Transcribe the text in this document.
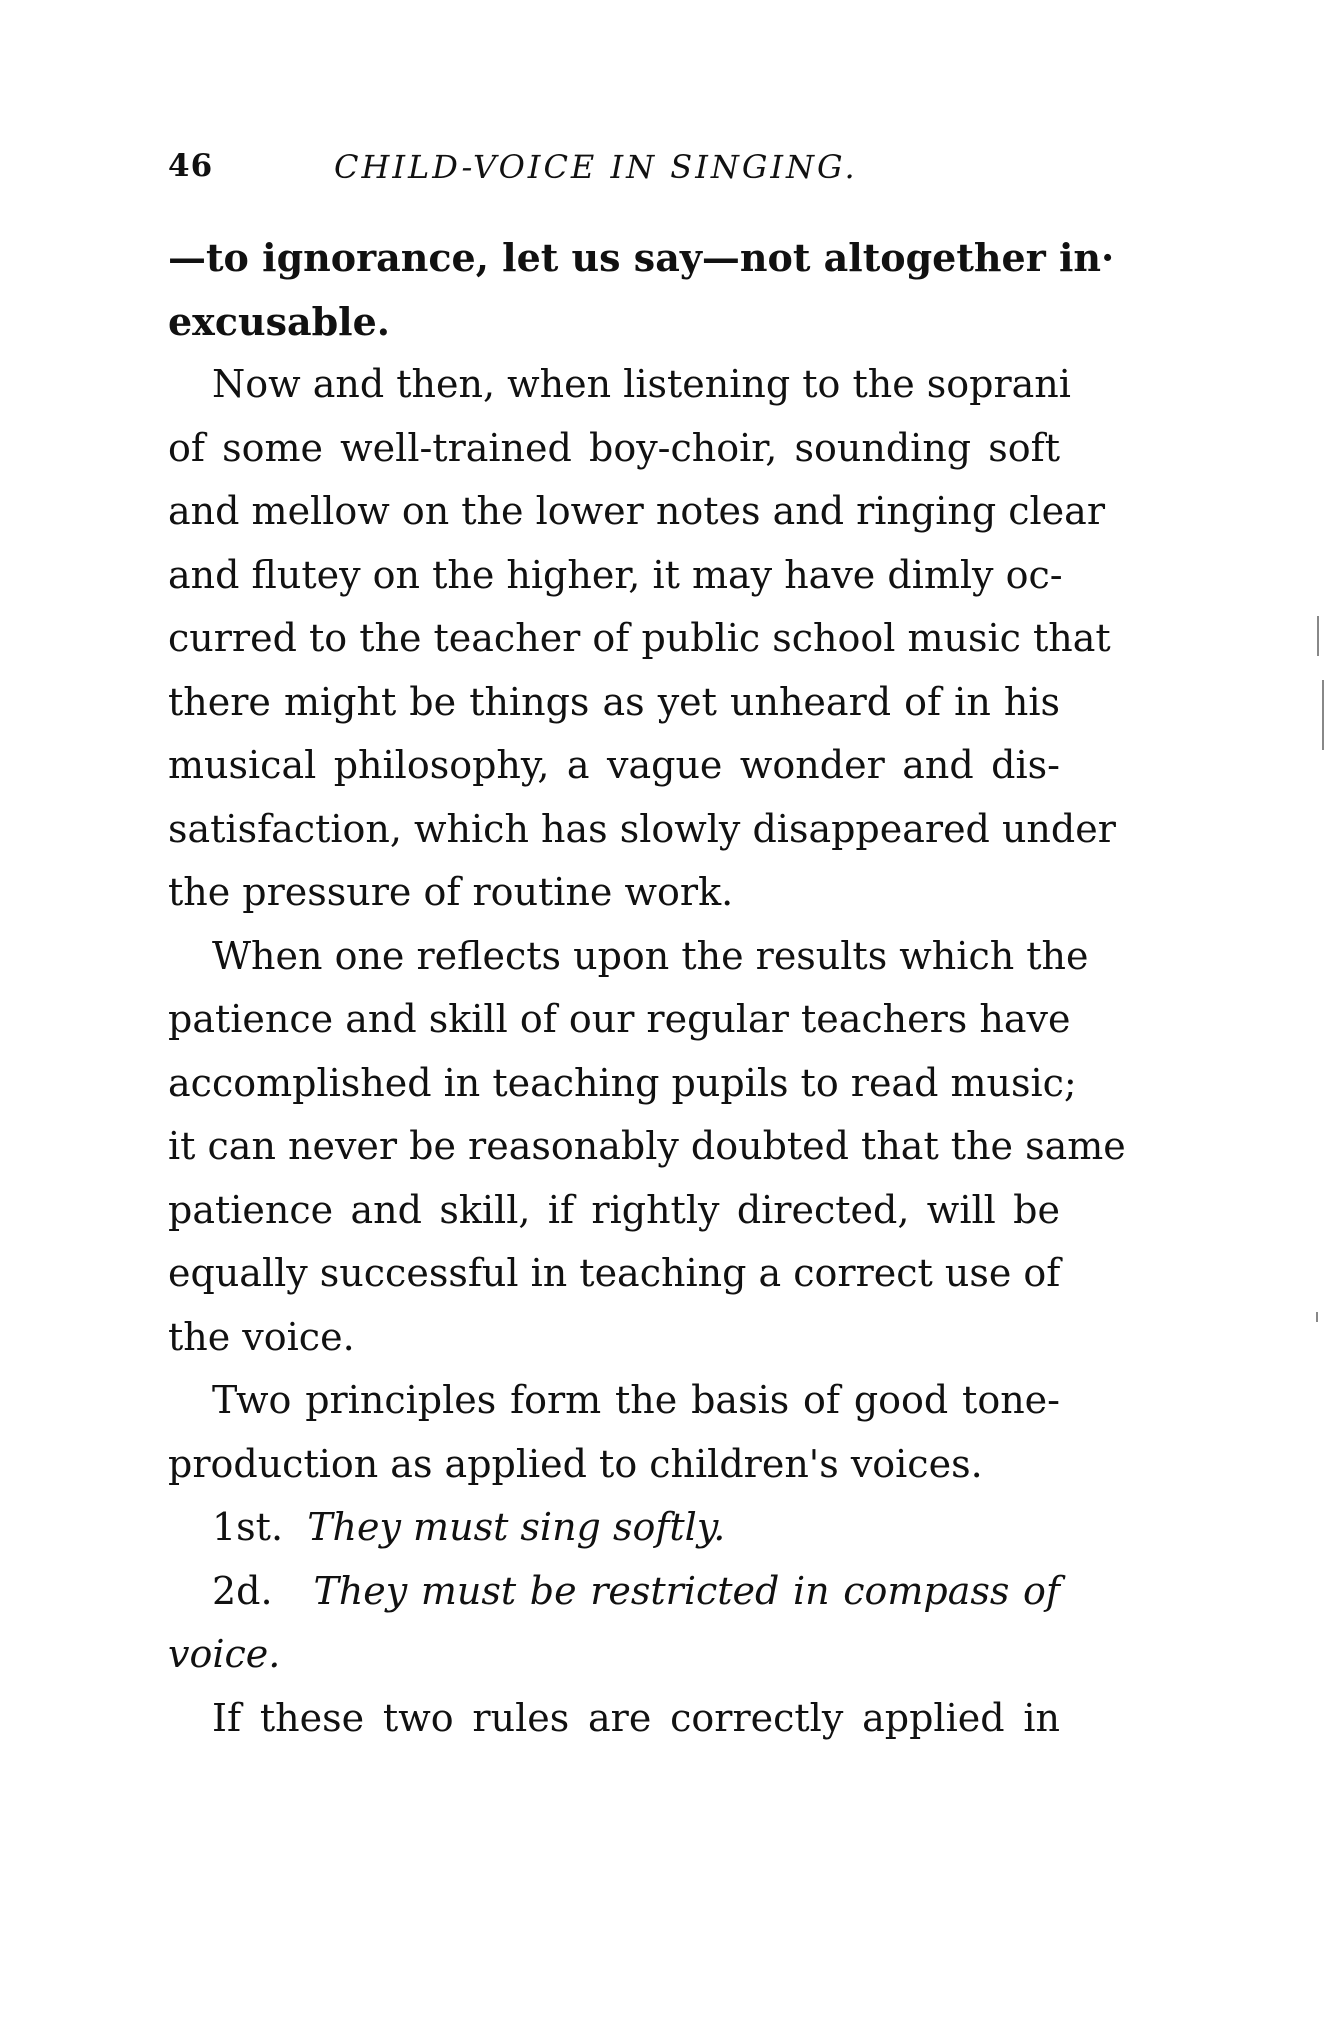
46	CHILD-VOICE IN SINGING.
—to ignorance, let us say—not altogether in·
excusable.
Now and then, when listening to the soprani
of some well-trained boy-choir, sounding soft
and mellow on the lower notes and ringing clear
and flutey on the higher, it may have dimly oc-
curred to the teacher of public school music that
there might be things as yet unheard of in his
musical philosophy, a vague wonder and dis-
satisfaction, which has slowly disappeared under
the pressure of routine work.
When one reflects upon the results which the
patience and skill of our regular teachers have
accomplished in teaching pupils to read music;
it can never be reasonably doubted that the same
patience and skill, if rightly directed, will be
equally successful in teaching a correct use of
the voice.
Two principles form the basis of good tone-
production as applied to children's voices.
1st. They must sing softly.
2d. They must be restricted in compass of
voice.
If these two rules are correctly applied in
